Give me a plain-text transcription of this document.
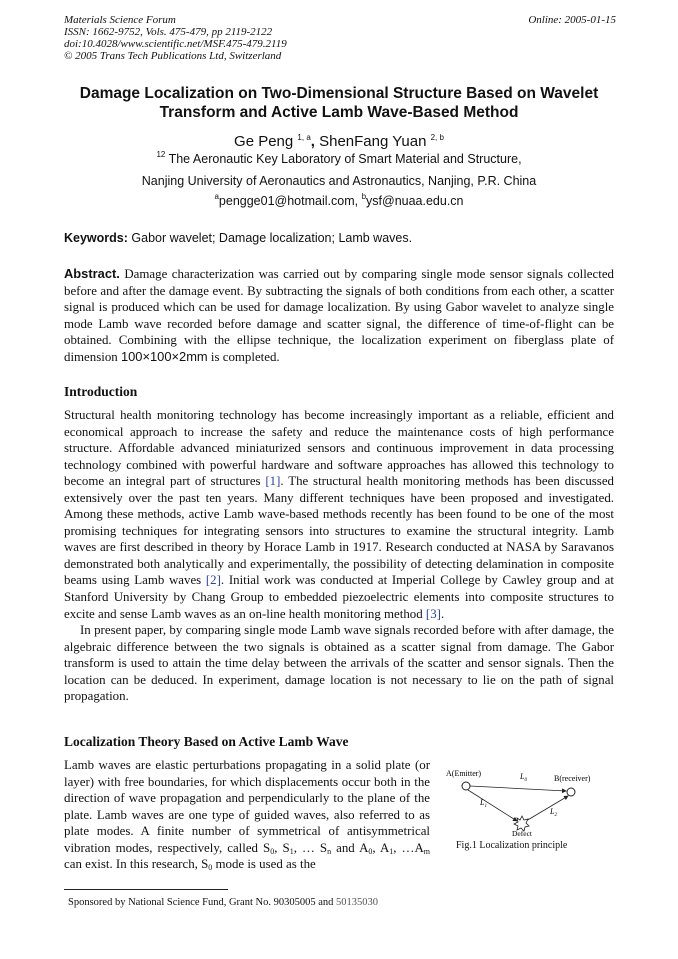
Materials Science Forum
ISSN: 1662-9752, Vols. 475-479, pp 2119-2122
doi:10.4028/www.scientific.net/MSF.475-479.2119
© 2005 Trans Tech Publications Ltd, Switzerland
Online: 2005-01-15
Damage Localization on Two-Dimensional Structure Based on Wavelet
Transform and Active Lamb Wave-Based Method
Ge Peng $^{1, a}$, ShenFang Yuan $^{2, b}$
$^{12}$ The Aeronautic Key Laboratory of Smart Material and Structure,
Nanjing University of Aeronautics and Astronautics, Nanjing, P.R. China
$^a$pengge01@hotmail.com, $^b$ysf@nuaa.edu.cn
Keywords: Gabor wavelet; Damage localization; Lamb waves.
Abstract. Damage characterization was carried out by comparing single mode sensor signals collected before and after the damage event. By subtracting the signals of both conditions from each other, a scatter signal is produced which can be used for damage localization. By using Gabor wavelet to analyze single mode Lamb wave recorded before damage and scatter signal, the difference of time-of-flight can be obtained. Combining with the ellipse technique, the localization experiment on fiberglass plate of dimension 100×100×2mm is completed.
Introduction

Structural health monitoring technology has become increasingly important as a reliable, efficient and economical approach to increase the safety and reduce the maintenance costs of high performance structure. Affordable advanced miniaturized sensors and continuous improvement in data processing technology combined with powerful hardware and software approaches has allowed this technology to become an integral part of structures [1]. The structural health monitoring methods has been discussed extensively over the past ten years. Many different techniques have been proposed and investigated. Among these methods, active Lamb wave-based methods recently has been found to be one of the most promising techniques for integrating sensors into structures to examine the structural integrity. Lamb waves are first described in theory by Horace Lamb in 1917. Research conducted at NASA by Saravanos demonstrated both analytically and experimentally, the possibility of detecting delamination in composite beams using Lamb waves [2]. Initial work was conducted at Imperial College by Cawley group and at Stanford University by Chang Group to embedded piezoelectric elements into composite structures to excite and sense Lamb waves as an on-line health monitoring method [3].

In present paper, by comparing single mode Lamb wave signals recorded before with after damage, the algebraic difference between the two signals is obtained as a scatter signal from damage. The Gabor transform is used to attain the time delay between the arrivals of the scatter and sensor signals. Then the location can be deduced. In experiment, damage location is not necessary to lie on the path of signal propagation.

Localization Theory Based on Active Lamb Wave

Lamb waves are elastic perturbations propagating in a solid plate (or layer) with free boundaries, for which displacements occur both in the direction of wave propagation and perpendicularly to the plane of the plate. Lamb waves are one type of guided waves, also referred to as plate modes. A finite number of symmetrical of antisymmetrical vibration modes, respectively, called $S_0$, $S_1$, … $S_n$ and $A_0$, $A_1$, $\dots A_m$ can exist. In this research, $S_0$ mode is used as the

A(Emitter)
B(receiver)
$L_0$
$L_1$
$L_2$
Defect
Fig.1 Localization principle
Sponsored by National Science Fund, Grant No. 90305005 and 50135030
